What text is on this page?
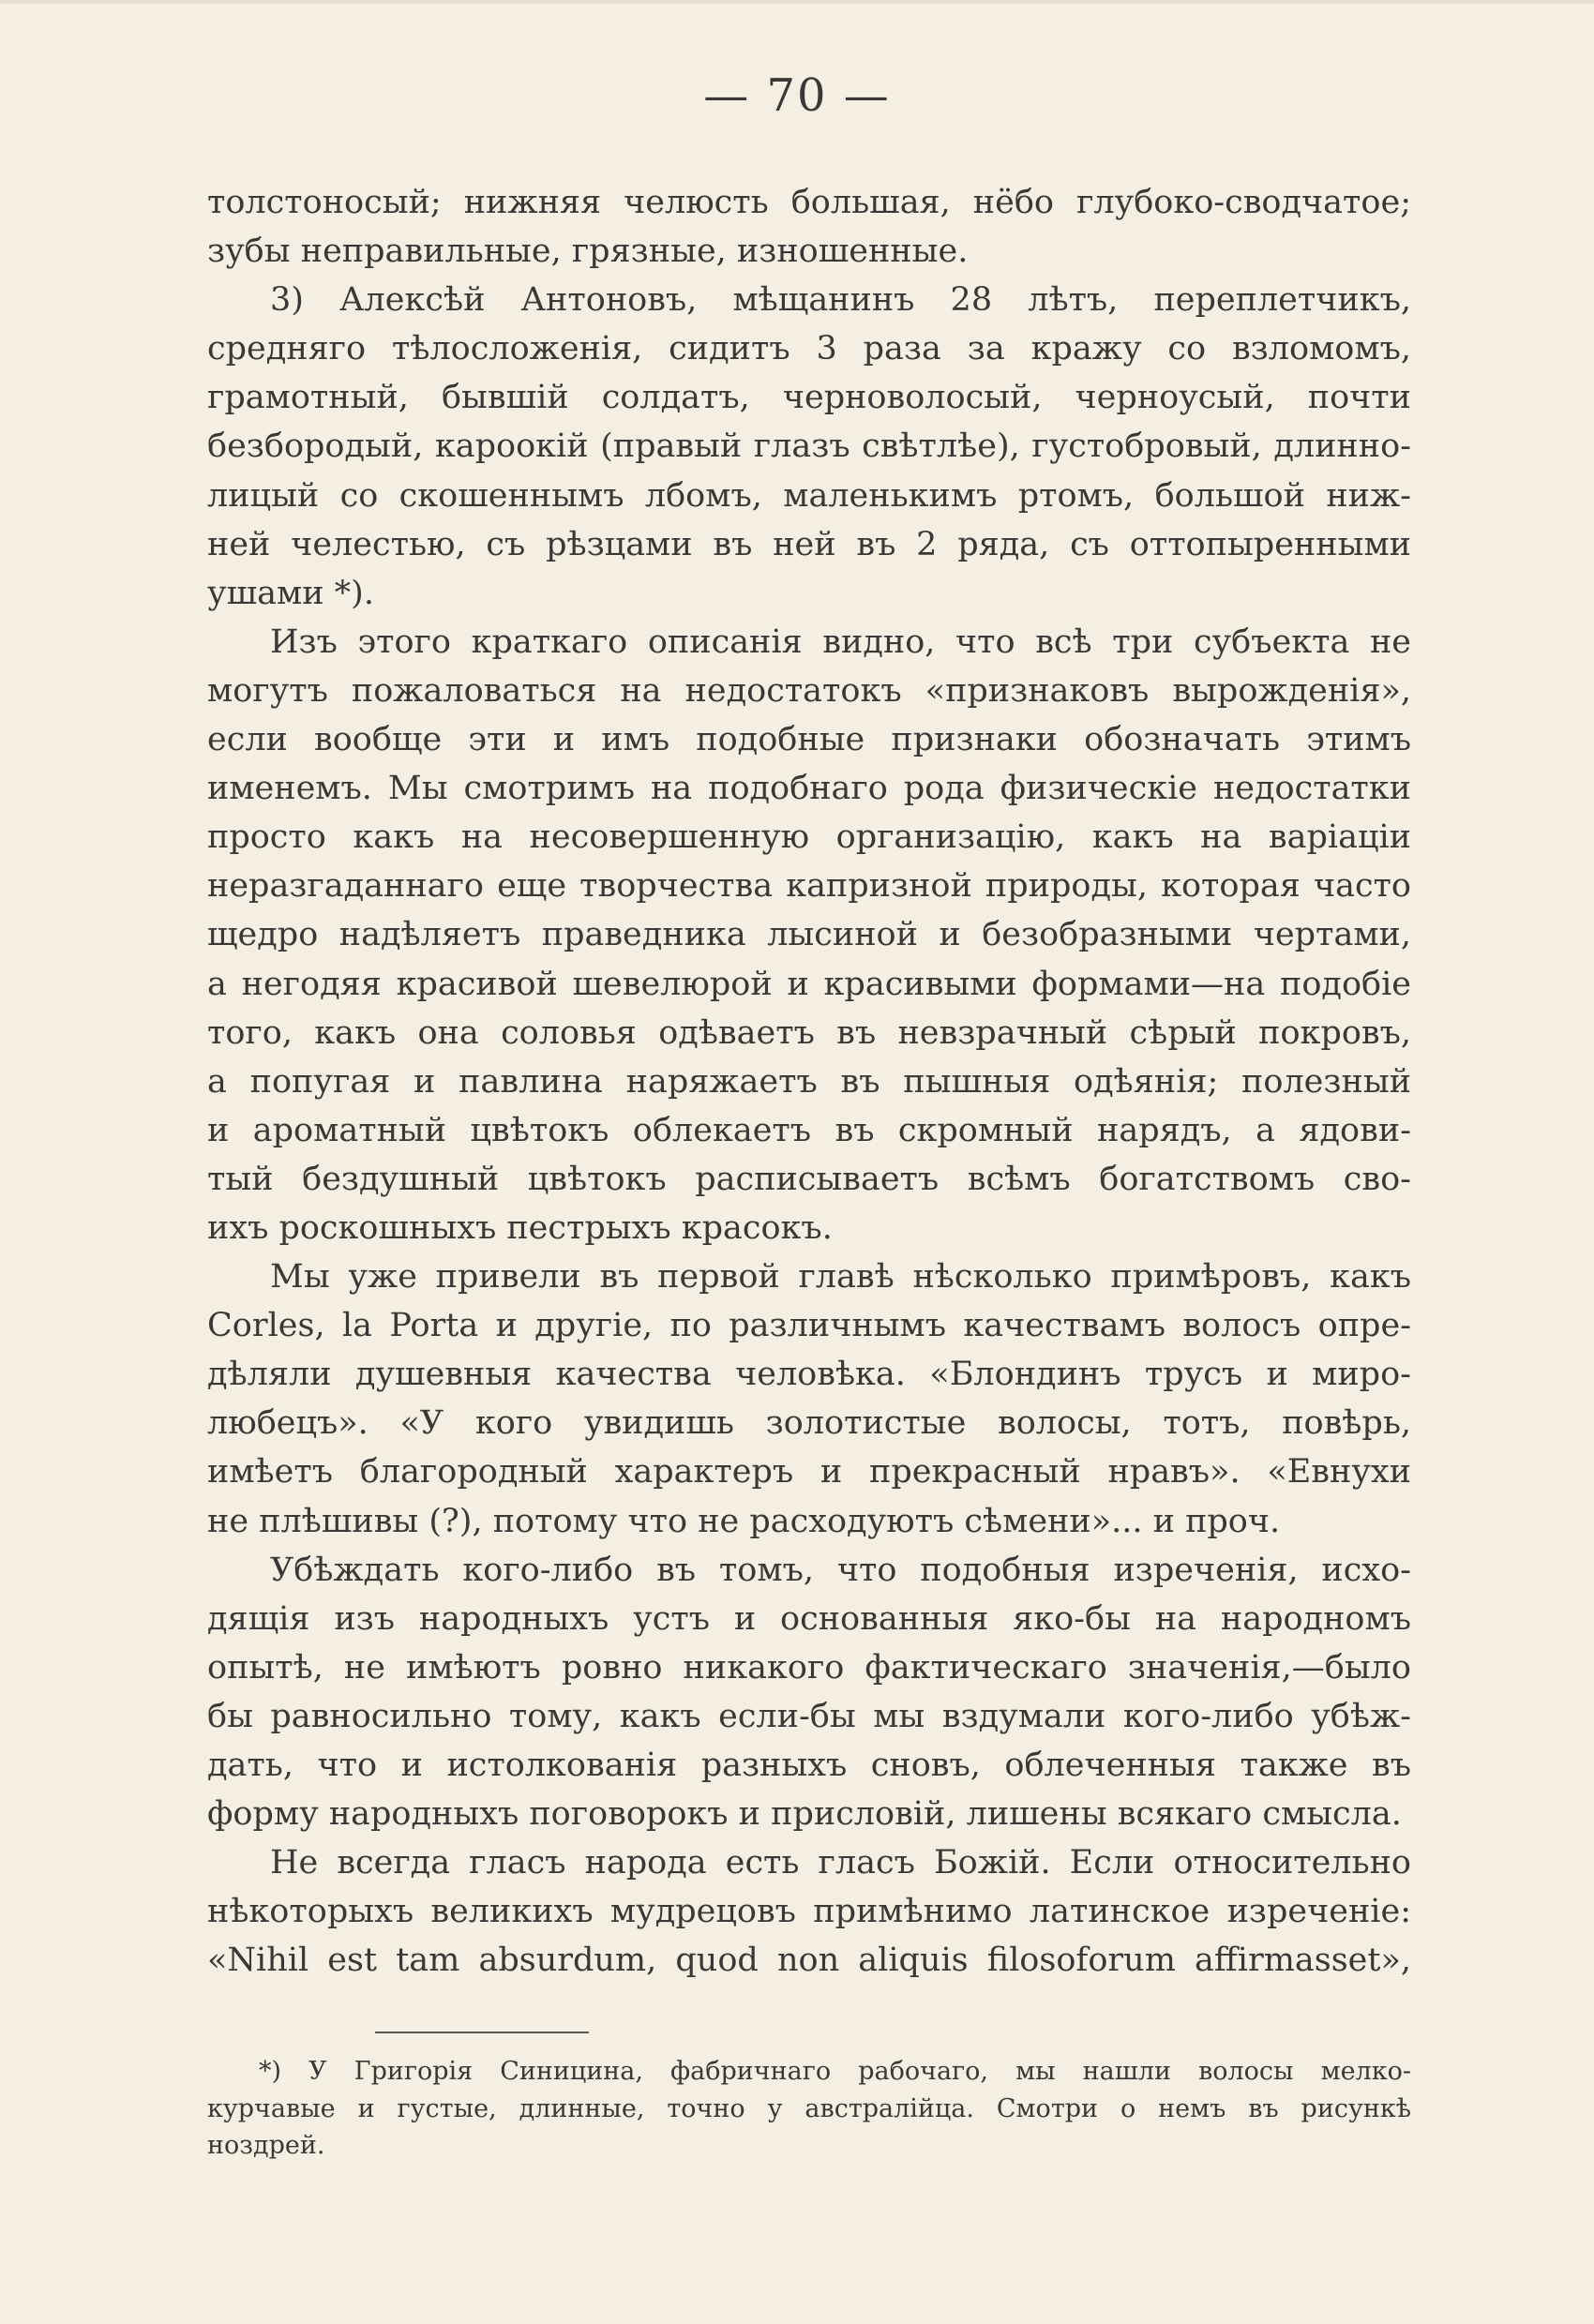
— 70 —
толстоносый; нижняя челюсть большая, нёбо глубоко-сводчатое;
зубы неправильные, грязные, изношенные.
3) Алексѣй Антоновъ, мѣщанинъ 28 лѣтъ, переплетчикъ,
средняго тѣлосложенія, сидитъ 3 раза за кражу со взломомъ,
грамотный, бывшій солдатъ, черноволосый, черноусый, почти
безбородый, карoокій (правый глазъ свѣтлѣе), густобровый, длинно-
лицый со скошеннымъ лбомъ, маленькимъ ртомъ, большой ниж-
ней челестью, съ рѣзцами въ ней въ 2 ряда, съ оттопыренными
ушами *).
Изъ этого краткаго описанія видно, что всѣ три субъекта не
могутъ пожаловаться на недостатокъ «признаковъ вырожденія»,
если вообще эти и имъ подобные признаки обозначать этимъ
именемъ. Мы смотримъ на подобнаго рода физическіе недостатки
просто какъ на несовершенную организацію, какъ на варіаціи
неразгаданнаго еще творчества капризной природы, которая часто
щедро надѣляетъ праведника лысиной и безобразными чертами,
а негодяя красивой шевелюрой и красивыми формами—на подобіе
того, какъ она соловья одѣваетъ въ невзрачный сѣрый покровъ,
а попугая и павлина наряжаетъ въ пышныя одѣянія; полезный
и ароматный цвѣтокъ облекаетъ въ скромный нарядъ, а ядови-
тый бездушный цвѣтокъ расписываетъ всѣмъ богатствомъ сво-
ихъ роскошныхъ пестрыхъ красокъ.
Мы уже привели въ первой главѣ нѣсколько примѣровъ, какъ
Corles, la Porta и другіе, по различнымъ качествамъ волосъ опре-
дѣляли душевныя качества человѣка. «Блондинъ трусъ и миро-
любецъ». «У кого увидишь золотистые волосы, тотъ, повѣрь,
имѣетъ благородный характеръ и прекрасный нравъ». «Евнухи
не плѣшивы (?), потому что не расходуютъ сѣмени»... и проч.
Убѣждать кого-либо въ томъ, что подобныя изреченія, исхо-
дящія изъ народныхъ устъ и основанныя яко-бы на народномъ
опытѣ, не имѣютъ ровно никакого фактическаго значенія,—было
бы равносильно тому, какъ если-бы мы вздумали кого-либо убѣж-
дать, что и истолкованія разныхъ сновъ, облеченныя также въ
форму народныхъ поговорокъ и присловій, лишены всякаго смысла.
Не всегда гласъ народа есть гласъ Божій. Если относительно
нѣкоторыхъ великихъ мудрецовъ примѣнимо латинское изреченіе:
«Nihil est tam absurdum, quod non aliquis filosoforum affirmasset»,
*) У Григорія Синицина, фабричнаго рабочаго, мы нашли волосы мелко-
курчавые и густые, длинные, точно у австралійца. Смотри о немъ въ рисункѣ
ноздрей.
